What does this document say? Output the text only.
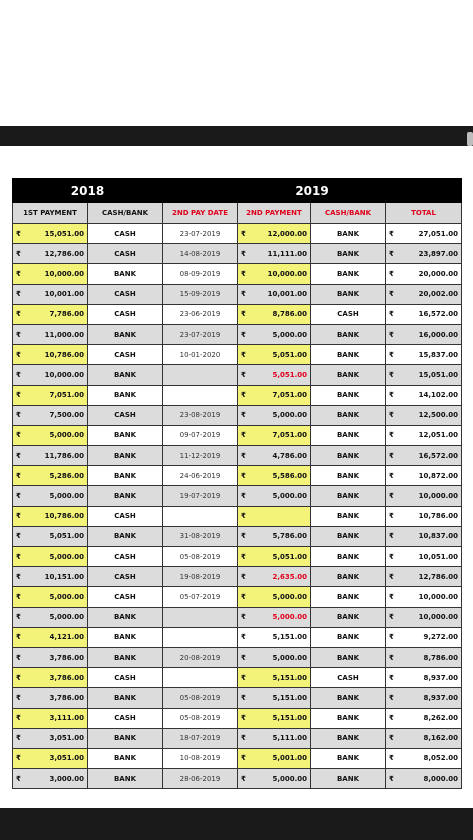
2018		2019			
1ST PAYMENT	CASH/BANK	2ND PAY DATE	2ND PAYMENT	CASH/BANK	TOTAL

₹ 15,051.00	CASH	23-07-2019	₹ 12,000.00	BANK	₹ 27,051.00

₹ 12,786.00	CASH	14-08-2019	₹ 11,111.00	BANK	₹ 23,897.00

₹ 10,000.00	BANK	08-09-2019	₹ 10,000.00	BANK	₹ 20,000.00

₹ 10,001.00	CASH	15-09-2019	₹ 10,001.00	BANK	₹ 20,002.00

₹ 7,786.00	CASH	23-06-2019	₹ 8,786.00	CASH	₹ 16,572.00

₹ 11,000.00	BANK	23-07-2019	₹ 5,000.00	BANK	₹ 16,000.00

₹ 10,786.00	CASH	10-01-2020	₹ 5,051.00	BANK	₹ 15,837.00

₹ 10,000.00	BANK		₹ 5,051.00	BANK	₹ 15,051.00

₹ 7,051.00	BANK		₹ 7,051.00	BANK	₹ 14,102.00

₹ 7,500.00	CASH	23-08-2019	₹ 5,000.00	BANK	₹ 12,500.00

₹ 5,000.00	BANK	09-07-2019	₹ 7,051.00	BANK	₹ 12,051.00

₹ 11,786.00	BANK	11-12-2019	₹ 4,786.00	BANK	₹ 16,572.00

₹ 5,286.00	BANK	24-06-2019	₹ 5,586.00	BANK	₹ 10,872.00

₹ 5,000.00	BANK	19-07-2019	₹ 5,000.00	BANK	₹ 10,000.00

₹ 10,786.00	CASH		₹	BANK	₹ 10,786.00

₹ 5,051.00	BANK	31-08-2019	₹ 5,786.00	BANK	₹ 10,837.00

₹ 5,000.00	CASH	05-08-2019	₹ 5,051.00	BANK	₹ 10,051.00

₹ 10,151.00	CASH	19-08-2019	₹ 2,635.00	BANK	₹ 12,786.00

₹ 5,000.00	CASH	05-07-2019	₹ 5,000.00	BANK	₹ 10,000.00

₹ 5,000.00	BANK		₹ 5,000.00	BANK	₹ 10,000.00

₹ 4,121.00	BANK		₹ 5,151.00	BANK	₹ 9,272.00

₹ 3,786.00	BANK	20-08-2019	₹ 5,000.00	BANK	₹ 8,786.00

₹ 3,786.00	CASH		₹ 5,151.00	CASH	₹ 8,937.00

₹ 3,786.00	BANK	05-08-2019	₹ 5,151.00	BANK	₹ 8,937.00

₹ 3,111.00	CASH	05-08-2019	₹ 5,151.00	BANK	₹ 8,262.00

₹ 3,051.00	BANK	18-07-2019	₹ 5,111.00	BANK	₹ 8,162.00

₹ 3,051.00	BANK	10-08-2019	₹ 5,001.00	BANK	₹ 8,052.00

₹ 3,000.00	BANK	28-06-2019	₹ 5,000.00	BANK	₹ 8,000.00
